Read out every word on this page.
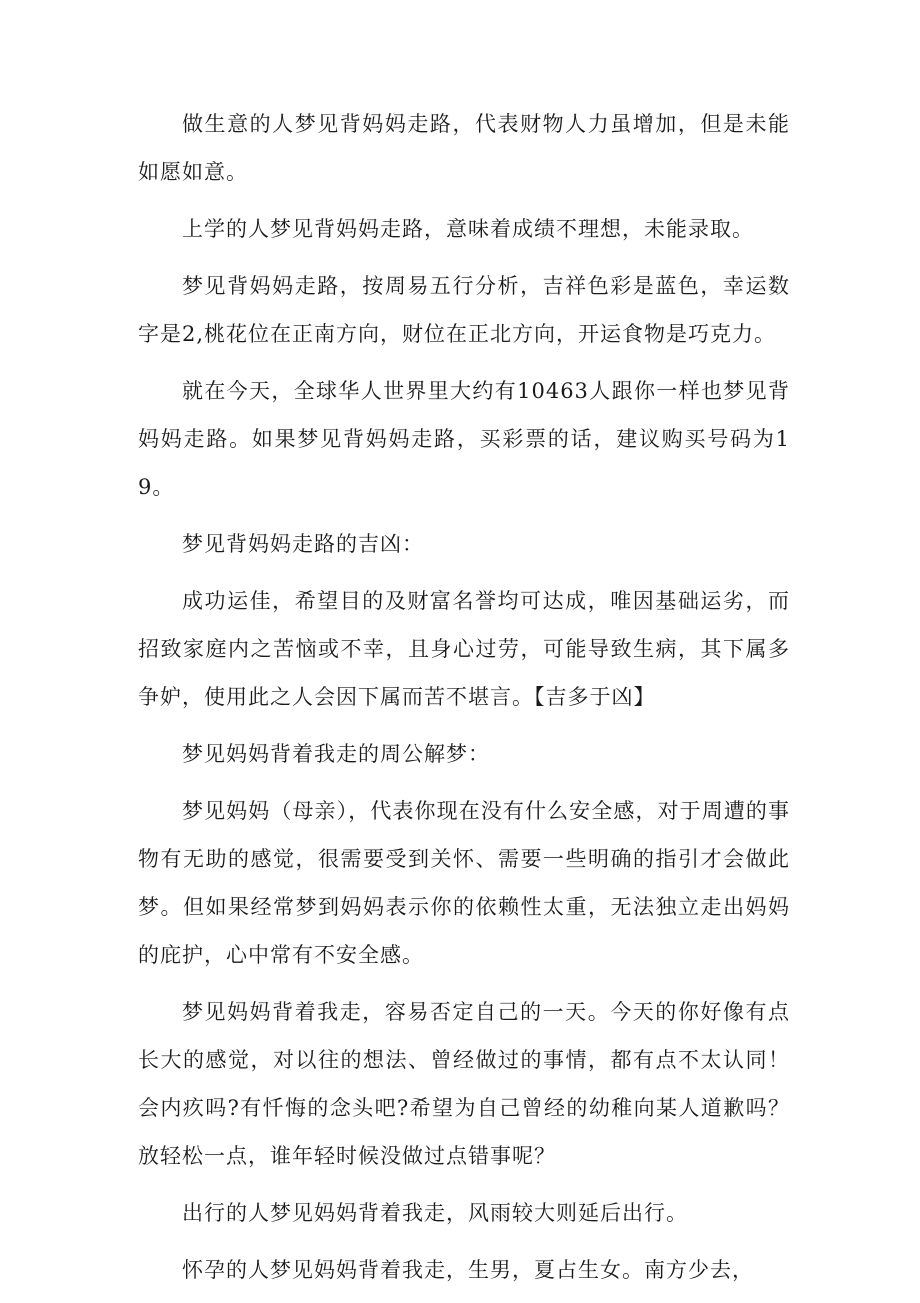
做生意的人梦见背妈妈走路，代表财物人力虽增加，但是未能如愿如意。

上学的人梦见背妈妈走路，意味着成绩不理想，未能录取。

梦见背妈妈走路，按周易五行分析，吉祥色彩是蓝色，幸运数字是2,桃花位在正南方向，财位在正北方向，开运食物是巧克力。

就在今天，全球华人世界里大约有10463人跟你一样也梦见背妈妈走路。如果梦见背妈妈走路，买彩票的话，建议购买号码为19。

梦见背妈妈走路的吉凶：

成功运佳，希望目的及财富名誉均可达成，唯因基础运劣，而招致家庭内之苦恼或不幸，且身心过劳，可能导致生病，其下属多争妒，使用此之人会因下属而苦不堪言。【吉多于凶】

梦见妈妈背着我走的周公解梦：

梦见妈妈（母亲），代表你现在没有什么安全感，对于周遭的事物有无助的感觉，很需要受到关怀、需要一些明确的指引才会做此梦。但如果经常梦到妈妈表示你的依赖性太重，无法独立走出妈妈的庇护，心中常有不安全感。

梦见妈妈背着我走，容易否定自己的一天。今天的你好像有点长大的感觉，对以往的想法、曾经做过的事情，都有点不太认同！会内疚吗?有忏悔的念头吧?希望为自己曾经的幼稚向某人道歉吗？放轻松一点，谁年轻时候没做过点错事呢？

出行的人梦见妈妈背着我走，风雨较大则延后出行。

怀孕的人梦见妈妈背着我走，生男，夏占生女。南方少去，
